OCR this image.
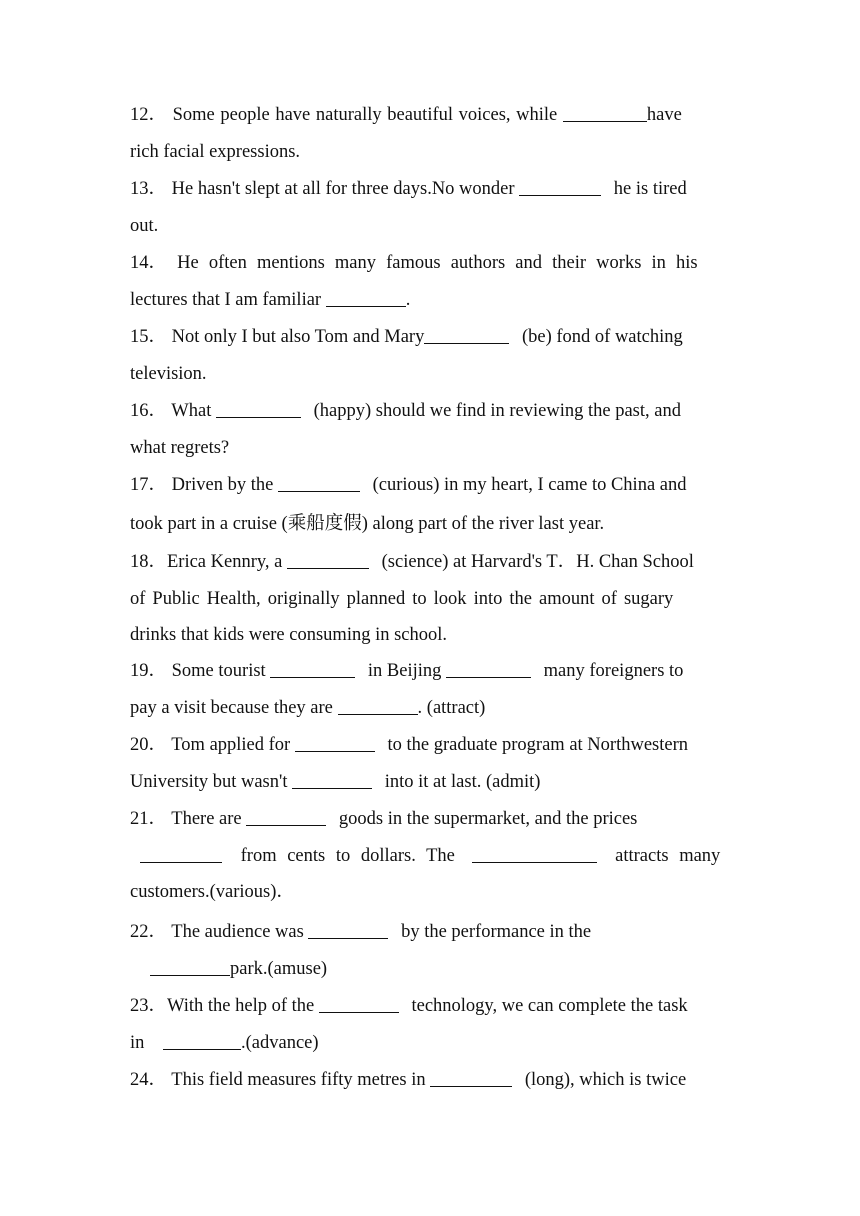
12． Some people have naturally beautiful voices, while	have
rich facial expressions.
13． He hasn't slept at all for three days.No wonder	he is tired
out.
14． He often mentions many famous authors and their works in his
lectures that I am familiar	.
15． Not only I but also Tom and Mary	(be) fond of watching
television.
16． What	(happy) should we find in reviewing the past, and
what regrets?
17． Driven by the	(curious) in my heart, I came to China and
took part in a cruise (乘船度假) along part of the river last year.
18．Erica Kennry, a	(science) at Harvard's T．H. Chan School
of Public Health, originally planned to look into the amount of sugary
drinks that kids were consuming in school.
19． Some tourist	in Beijing	many foreigners to
pay a visit because they are	. (attract)
20． Tom applied for	to the graduate program at Northwestern
University but wasn't	into it at last. (admit)
21． There are	goods in the supermarket, and the prices
from cents to dollars. The	attracts many
customers.(various)．
22． The audience was	by the performance in the
park.(amuse)
23．With the help of the	technology, we can complete the task
in	.(advance)
24． This field measures fifty metres in	(long), which is twice
